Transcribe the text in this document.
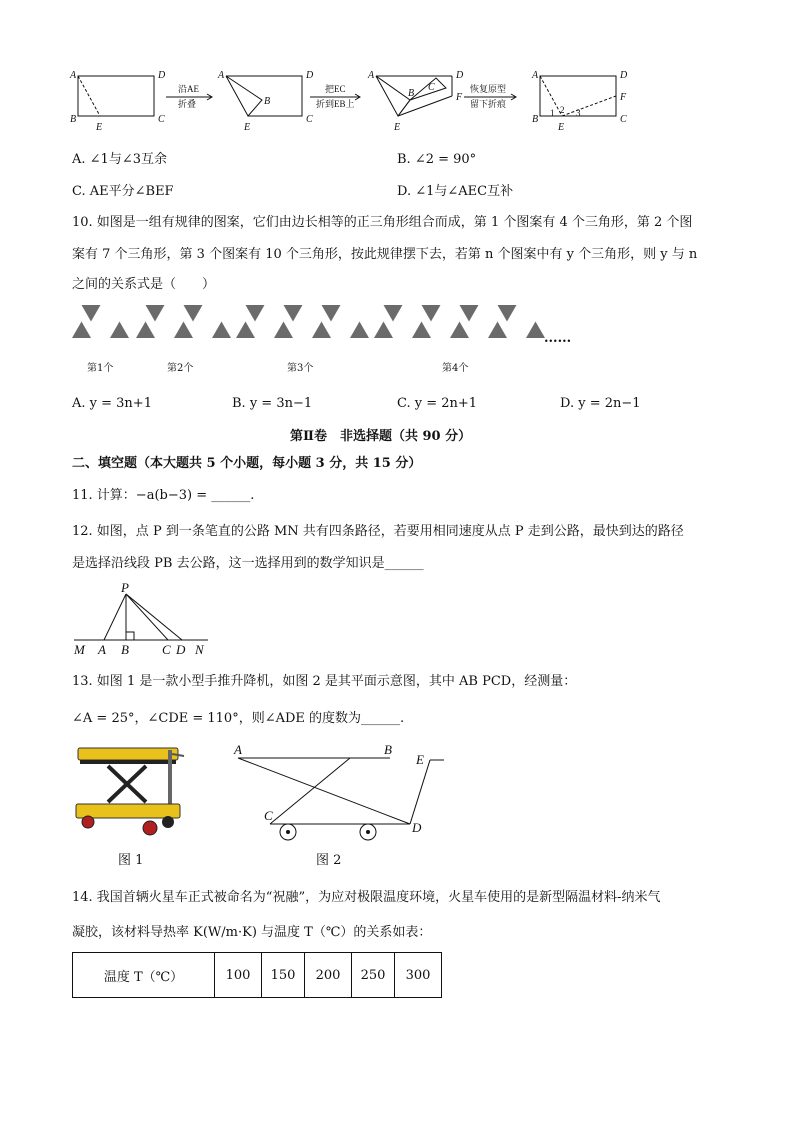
A	D
B	C
E
A	D
B
C
E
A	D
B
C
F
E
A	D
B	C
F
E
1 2 3
沿AE
折叠
把EC
折到EB上
恢复原型
留下折痕
A. ∠1与∠3互余	B. ∠2 = 90°
C. AE平分∠BEF	D. ∠1与∠AEC互补
10. 如图是一组有规律的图案，它们由边长相等的正三角形组合而成，第 1 个图案有 4 个三角形，第 2 个图
案有 7 个三角形，第 3 个图案有 10 个三角形，按此规律摆下去，若第 n 个图案中有 y 个三角形，则 y 与 n
之间的关系式是（　　）
第1个	第2个	第3个	第4个
......
A. y = 3n+1	B. y = 3n−1	C. y = 2n+1	D. y = 2n−1
第Ⅱ卷　非选择题（共 90 分）
二、填空题（本大题共 5 个小题，每小题 3 分，共 15 分）
11. 计算：−a(b−3) = ______.
12. 如图，点 P 到一条笔直的公路 MN 共有四条路径，若要用相同速度从点 P 走到公路，最快到达的路径
是选择沿线段 PB 去公路，这一选择用到的数学知识是______
P
M A B	C D N
13. 如图 1 是一款小型手推升降机，如图 2 是其平面示意图，其中 AB PCD，经测量：
∠A = 25°，∠CDE = 110°，则∠ADE 的度数为______.
A	B
E
C
D
图 1	图 2
14. 我国首辆火星车正式被命名为“祝融”，为应对极限温度环境，火星车使用的是新型隔温材料-纳米气
凝胶，该材料导热率 K(W/m·K) 与温度 T（℃）的关系如表：
温度 T（℃）	100	150	200	250	300
